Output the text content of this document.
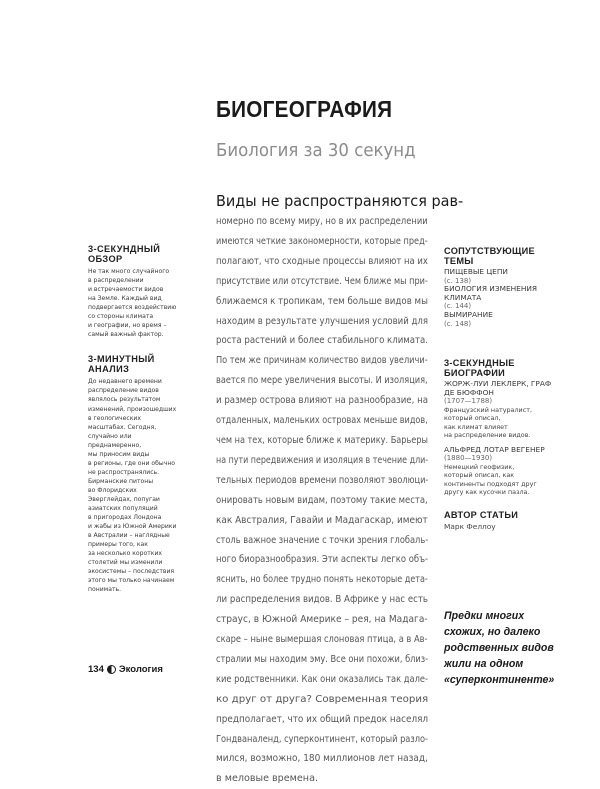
БИОГЕОГРАФИЯ
Биология за 30 секунд
Виды не распространяются рав-
номерно по всему миру, но в их распределении
имеются четкие закономерности, которые пред-
полагают, что сходные процессы влияют на их
присутствие или отсутствие. Чем ближе мы при-
ближаемся к тропикам, тем больше видов мы
находим в результате улучшения условий для
роста растений и более стабильного климата.
По тем же причинам количество видов увеличи-
вается по мере увеличения высоты. И изоляция,
и размер острова влияют на разнообразие, на
отдаленных, маленьких островах меньше видов,
чем на тех, которые ближе к материку. Барьеры
на пути передвижения и изоляция в течение дли-
тельных периодов времени позволяют эволюци-
онировать новым видам, поэтому такие места,
как Австралия, Гавайи и Мадагаскар, имеют
столь важное значение с точки зрения глобаль-
ного биоразнообразия. Эти аспекты легко объ-
яснить, но более трудно понять некоторые дета-
ли распределения видов. В Африке у нас есть
страус, в Южной Америке – рея, на Мадага-
скаре – ныне вымершая слоновая птица, а в Ав-
стралии мы находим эму. Все они похожи, близ-
кие родственники. Как они оказались так дале-
ко друг от друга? Современная теория
предполагает, что их общий предок населял
Гондваналенд, суперконтинент, который разло-
мился, возможно, 180 миллионов лет назад,
в меловые времена.
3-СЕКУНДНЫЙ
ОБЗОР
Не так много случайного
в распределении
и встречаемости видов
на Земле. Каждый вид
подвергается воздействию
со стороны климата
и географии, но время –
самый важный фактор.
3-МИНУТНЫЙ
АНАЛИЗ
До недавнего времени
распределение видов
являлось результатом
изменений, произошедших
в геологических
масштабах. Сегодня,
случайно или
преднамеренно,
мы приносим виды
в регионы, где они обычно
не распространялись.
Бирманские питоны
во Флоридских
Эверглейдах, попугаи
азиатских популяций
в пригородах Лондона
и жабы из Южной Америки
в Австралии – наглядные
примеры того, как
за несколько коротких
столетий мы изменили
экосистемы – последствия
этого мы только начинаем
понимать.
СОПУТСТВУЮЩИЕ
ТЕМЫ
ПИЩЕВЫЕ ЦЕПИ
(с. 138)
БИОЛОГИЯ ИЗМЕНЕНИЯ КЛИМАТА
(с. 144)
ВЫМИРАНИЕ
(с. 148)
3-СЕКУНДНЫЕ
БИОГРАФИИ
ЖОРЖ-ЛУИ ЛЕКЛЕРК, ГРАФ ДЕ БЮФФОН
(1707—1788)
Французский натуралист,
который описал,
как климат влияет
на распределение видов.
АЛЬФРЕД ЛОТАР ВЕГЕНЕР
(1880—1930)
Немецкий геофизик,
который описал, как
континенты подходят друг
другу как кусочки пазла.
АВТОР СТАТЬИ
Марк Феллоу
Предки многих
схожих, но далеко
родственных видов
жили на одном
«суперконтиненте»
134 Экология
